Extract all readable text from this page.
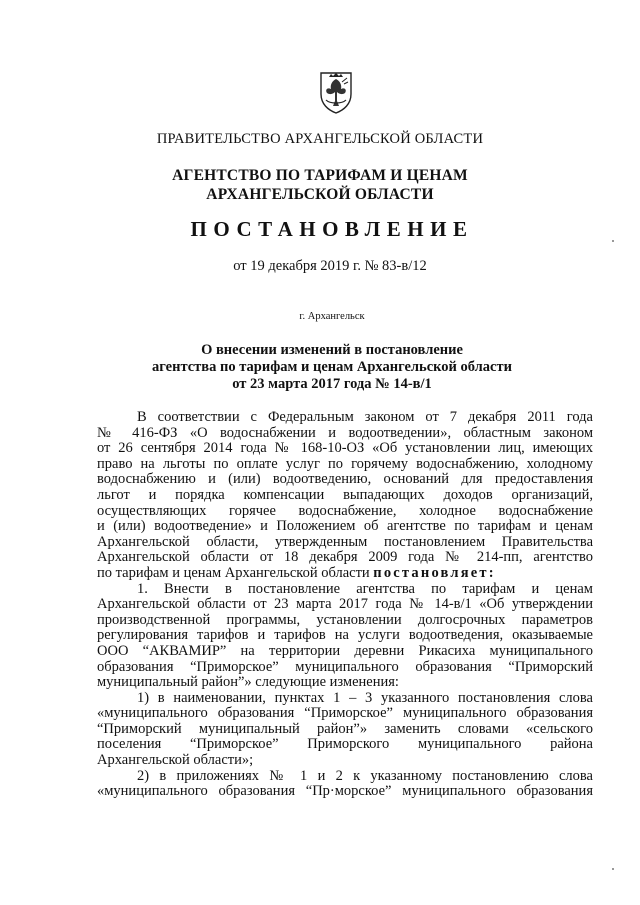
ПРАВИТЕЛЬСТВО АРХАНГЕЛЬСКОЙ ОБЛАСТИ
АГЕНТСТВО ПО ТАРИФАМ И ЦЕНАМ
АРХАНГЕЛЬСКОЙ ОБЛАСТИ
ПОСТАНОВЛЕНИЕ
от 19 декабря 2019 г. № 83-в/12
г. Архангельск
О внесении изменений в постановление
агентства по тарифам и ценам Архангельской области
от 23 марта 2017 года № 14-в/1

В соответствии с Федеральным законом от 7 декабря 2011 года

№ 416-ФЗ «О водоснабжении и водоотведении», областным законом

от 26 сентября 2014 года № 168-10-ОЗ «Об установлении лиц, имеющих

право на льготы по оплате услуг по горячему водоснабжению, холодному

водоснабжению и (или) водоотведению, оснований для предоставления

льгот и порядка компенсации выпадающих доходов организаций,

осуществляющих горячее водоснабжение, холодное водоснабжение

и (или) водоотведение» и Положением об агентстве по тарифам и ценам

Архангельской области, утвержденным постановлением Правительства

Архангельской области от 18 декабря 2009 года № 214-пп, агентство

по тарифам и ценам Архангельской области постановляет:

1. Внести в постановление агентства по тарифам и ценам

Архангельской области от 23 марта 2017 года № 14-в/1 «Об утверждении

производственной программы, установлении долгосрочных параметров

регулирования тарифов и тарифов на услуги водоотведения, оказываемые

ООО “АКВАМИР” на территории деревни Рикасиха муниципального

образования “Приморское” муниципального образования “Приморский

муниципальный район”» следующие изменения:

1) в наименовании, пунктах 1 – 3 указанного постановления слова

«муниципального образования “Приморское” муниципального образования

“Приморский муниципальный район”» заменить словами «сельского

поселения “Приморское” Приморского муниципального района

Архангельской области»;

2) в приложениях № 1 и 2 к указанному постановлению слова

«муниципального образования “Пр·морское” муниципального образования
